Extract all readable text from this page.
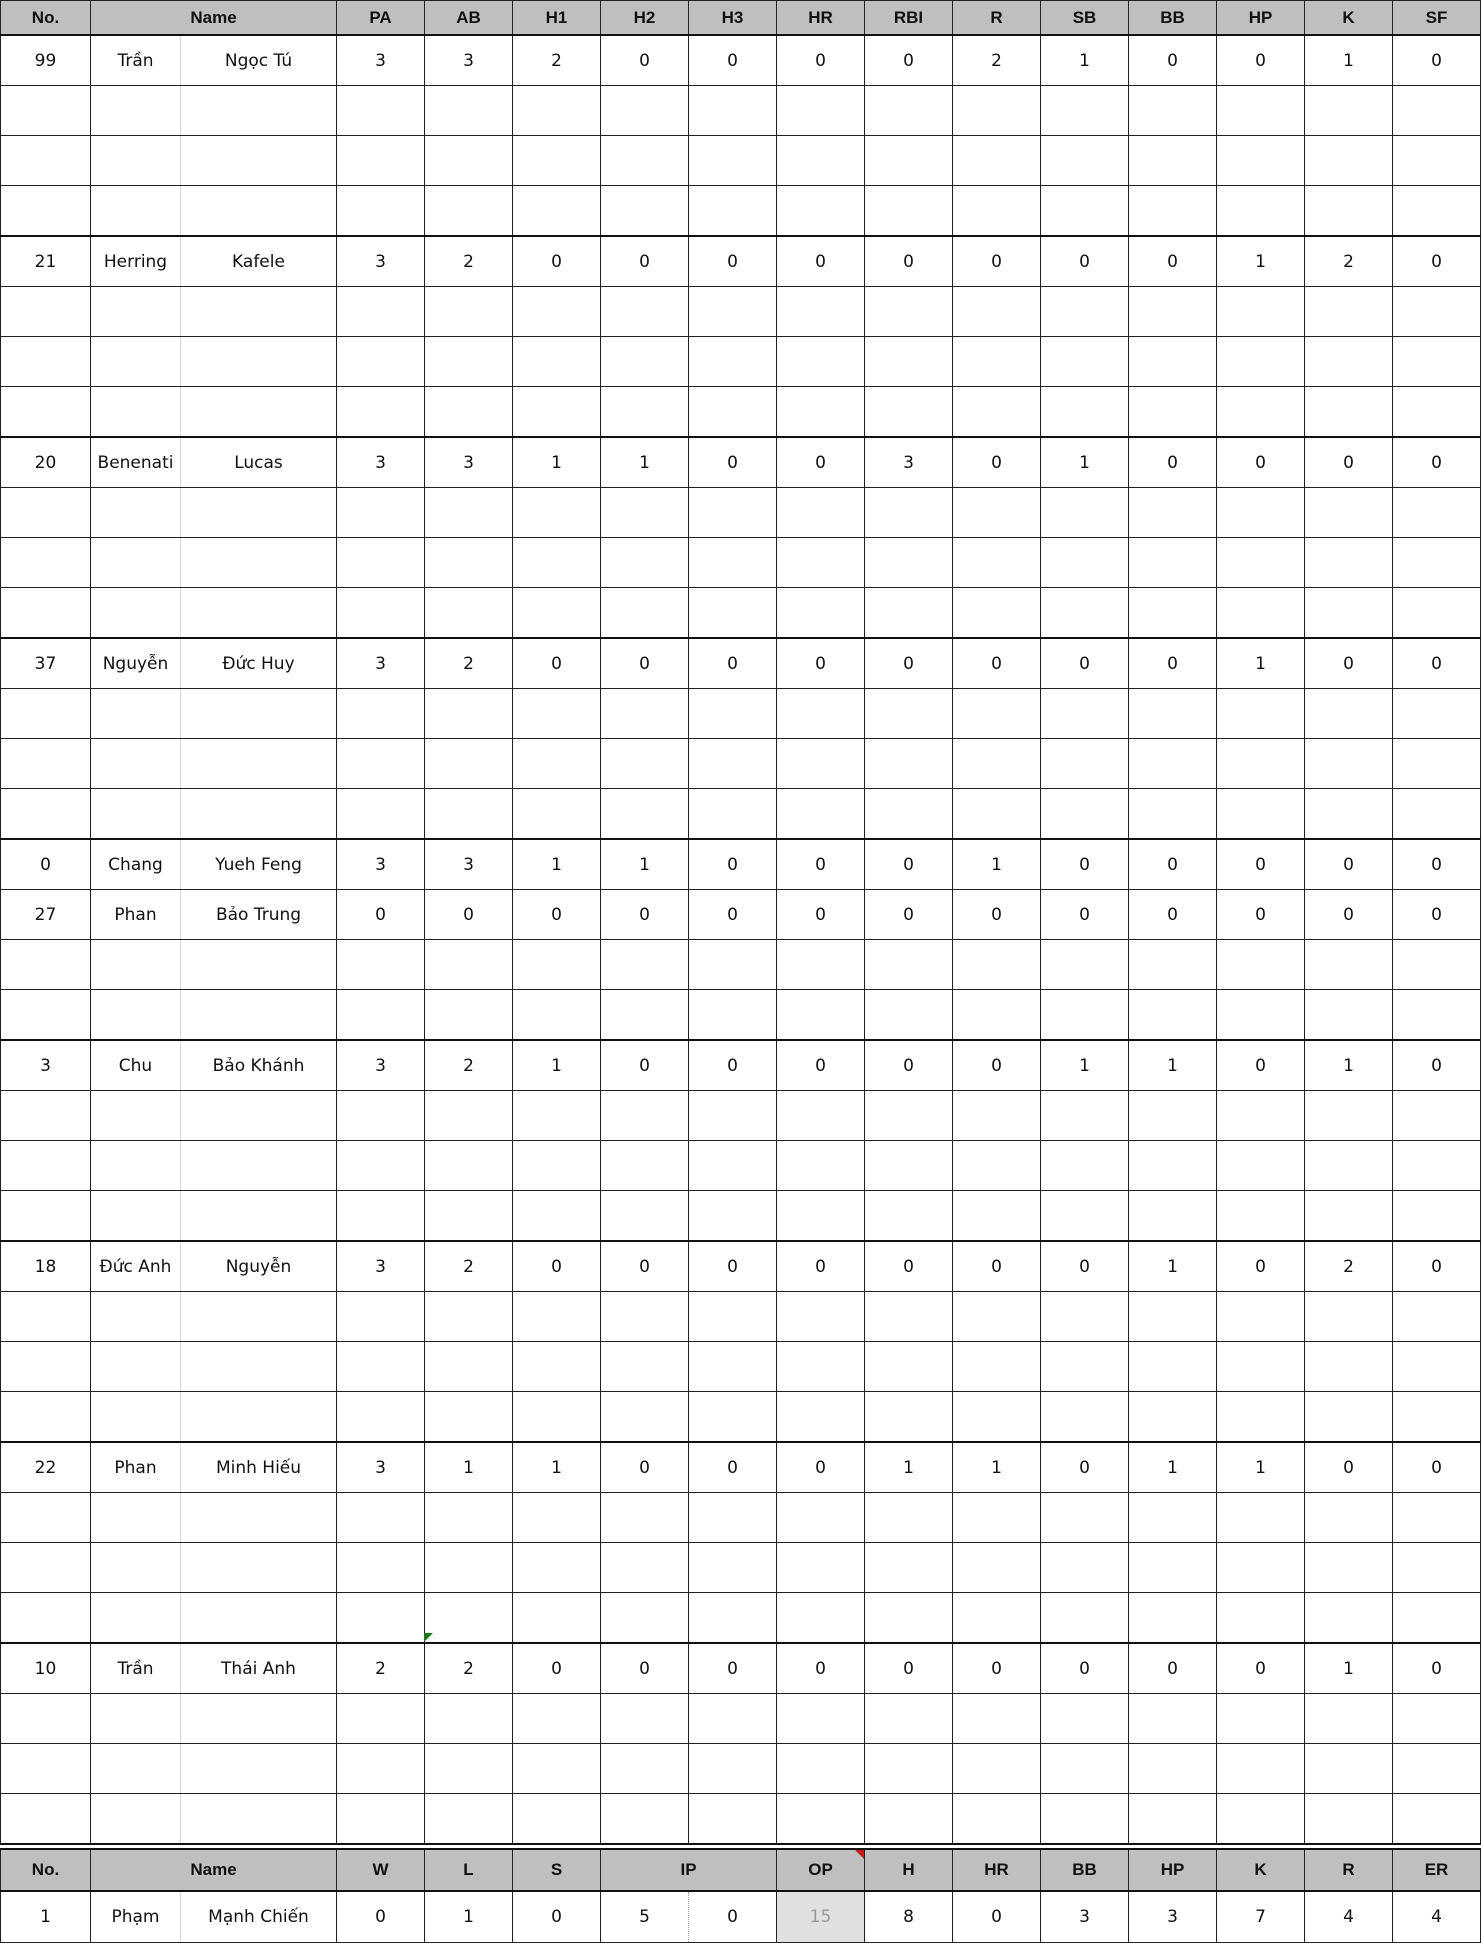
No.	Name		PA	AB	H1	H2	H3	HR	RBI	R	SB	BB	HP	K	SF
99	Trần	Ngọc Tú	3	3	2	0	0	0	0	2	1	0	0	1	0

21	Herring	Kafele	3	2	0	0	0	0	0	0	0	0	1	2	0

20	Benenati	Lucas	3	3	1	1	0	0	3	0	1	0	0	0	0

37	Nguyễn	Đức Huy	3	2	0	0	0	0	0	0	0	0	1	0	0

0	Chang	Yueh Feng	3	3	1	1	0	0	0	1	0	0	0	0	0
27	Phan	Bảo Trung	0	0	0	0	0	0	0	0	0	0	0	0	0

3	Chu	Bảo Khánh	3	2	1	0	0	0	0	0	1	1	0	1	0

18	Đức Anh	Nguyễn	3	2	0	0	0	0	0	0	0	1	0	2	0

22	Phan	Minh Hiếu	3	1	1	0	0	0	1	1	0	1	1	0	0

10	Trần	Thái Anh	2	2	0	0	0	0	0	0	0	0	0	1	0

No.	Name		W	L	S	IP		OP	H	HR	BB	HP	K	R	ER
1	Phạm	Mạnh Chiến	0	1	0	5	0	15	8	0	3	3	7	4	4
